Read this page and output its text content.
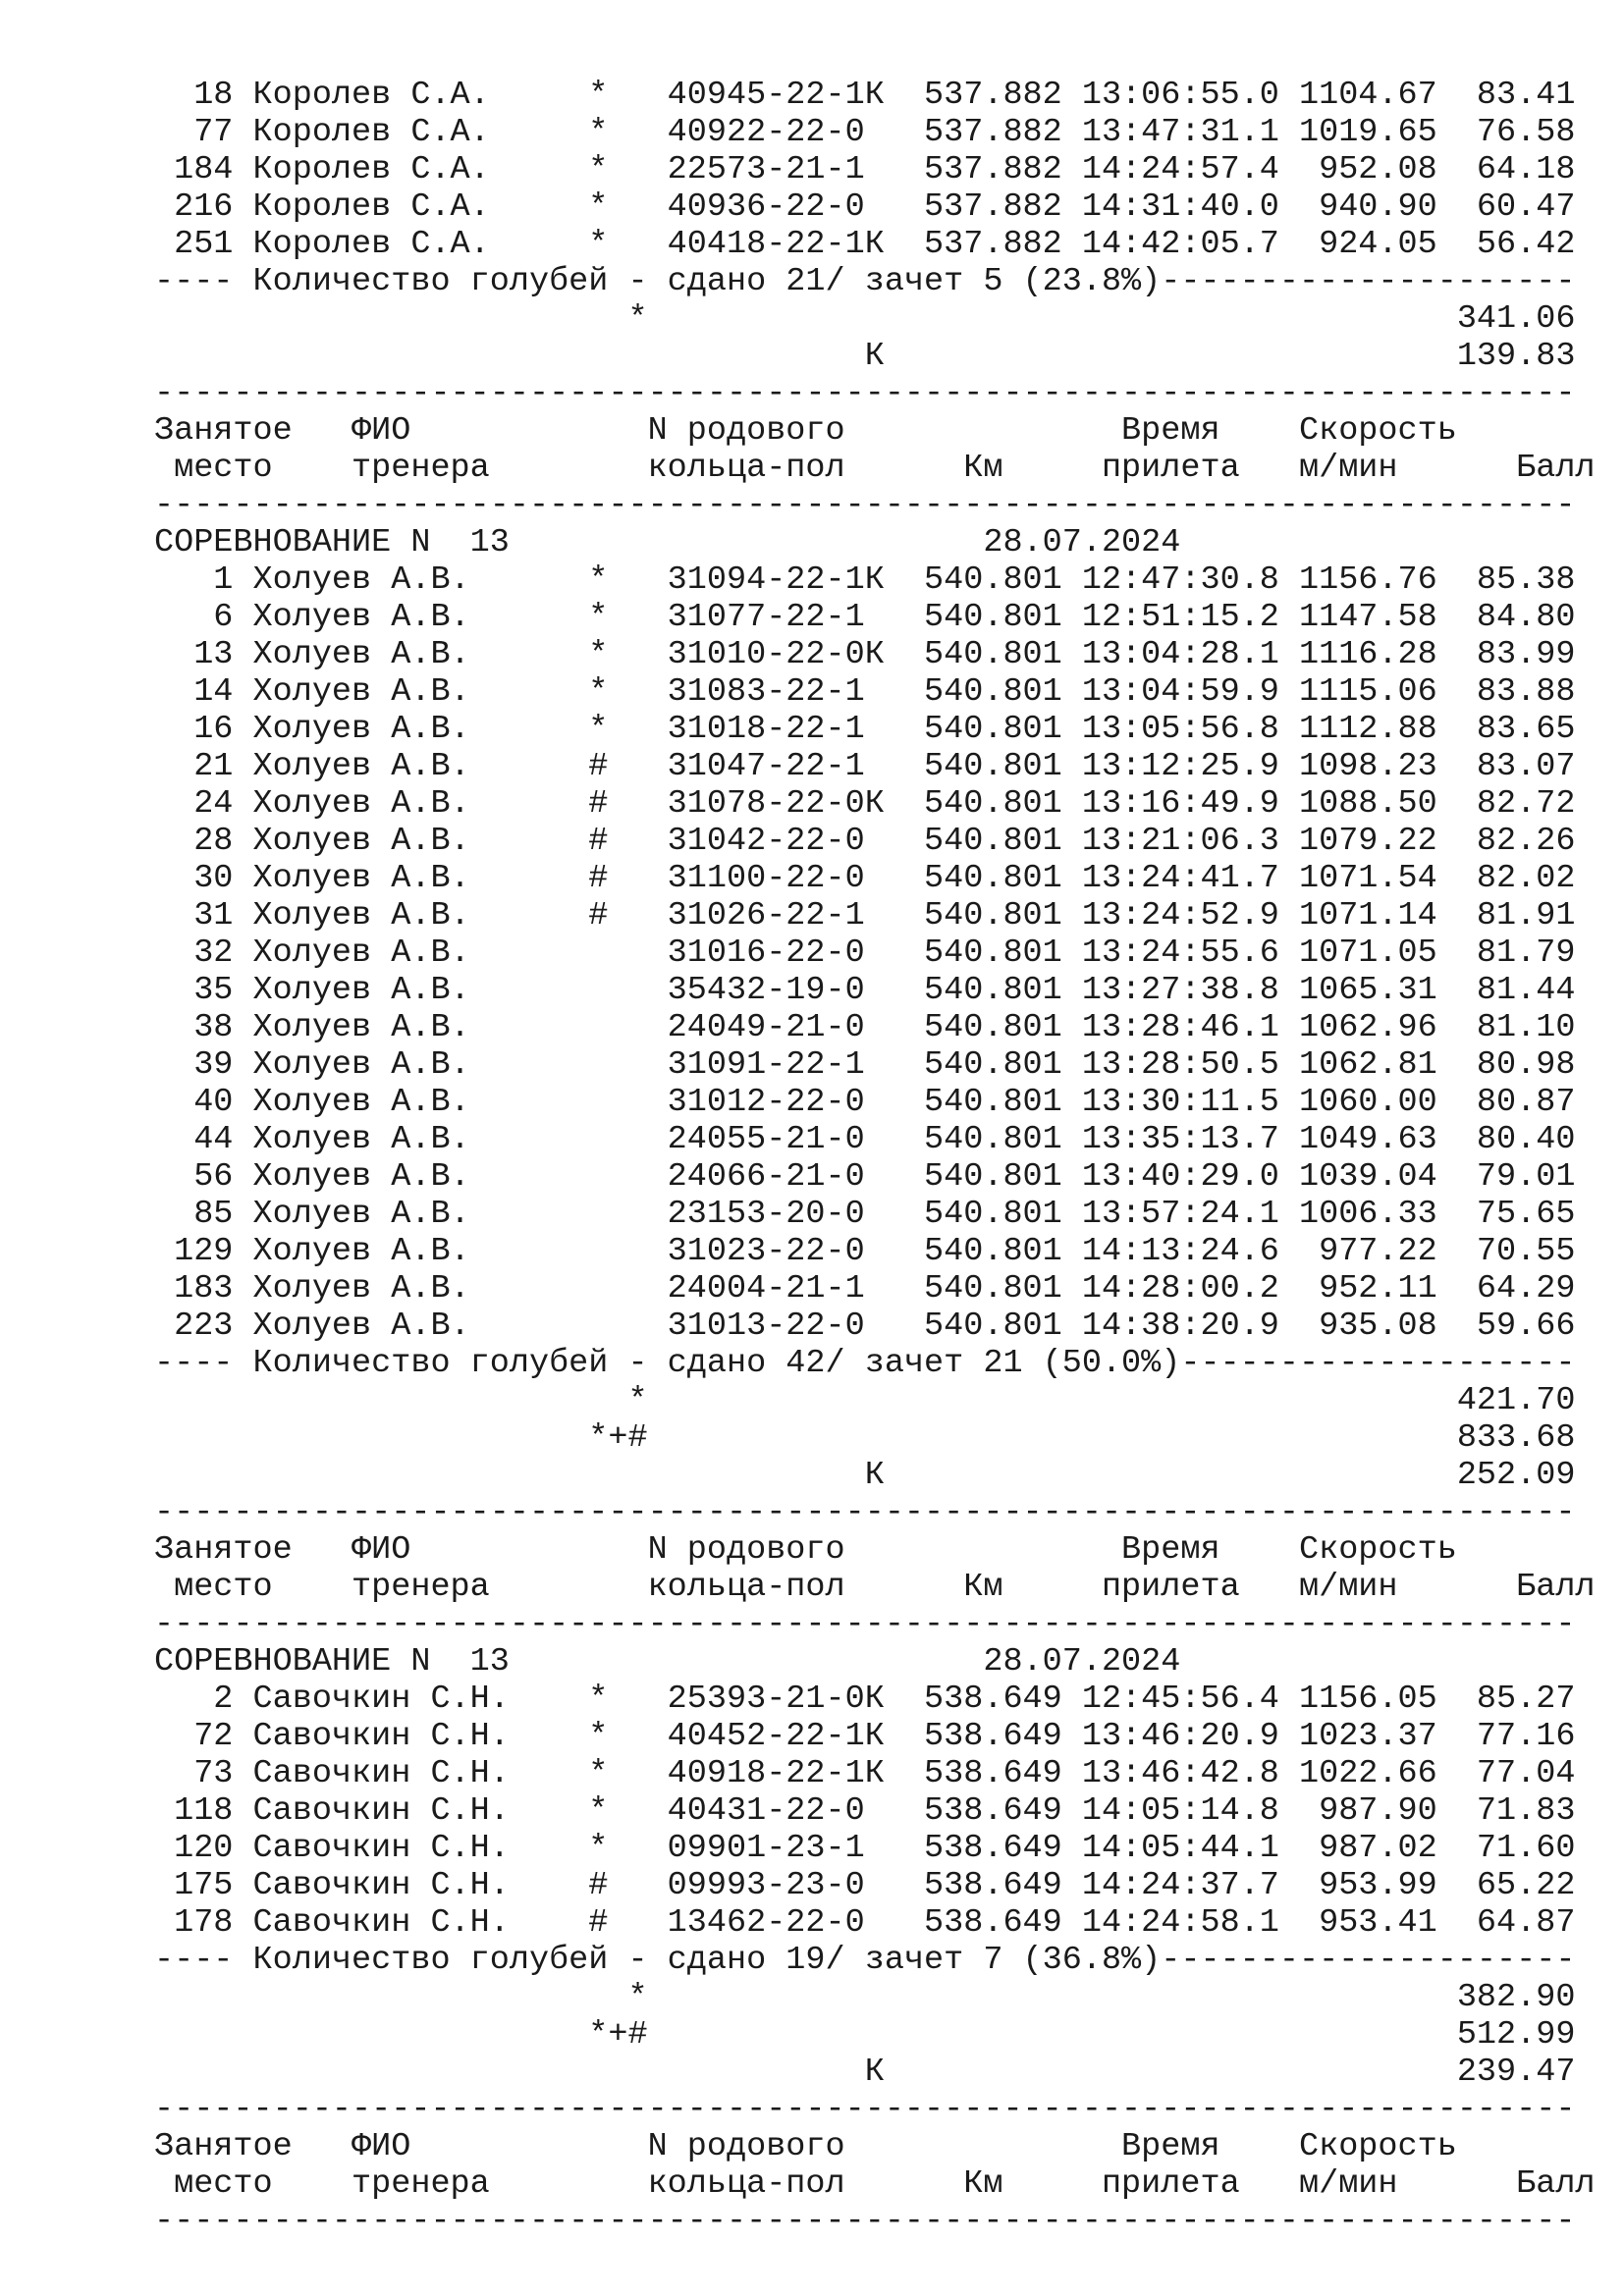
18 Королев С.А.     *   40945-22-1К  537.882 13:06:55.0 1104.67  83.41
77 Королев С.А.     *   40922-22-0   537.882 13:47:31.1 1019.65  76.58
184 Королев С.А.     *   22573-21-1   537.882 14:24:57.4  952.08  64.18
216 Королев С.А.     *   40936-22-0   537.882 14:31:40.0  940.90  60.47
251 Королев С.А.     *   40418-22-1К  537.882 14:42:05.7  924.05  56.42
---- Количество голубей - сдано 21/ зачет 5 (23.8%)---------------------
*                                         341.06
К                             139.83
------------------------------------------------------------------------
Занятое   ФИО            N родового              Время    Скорость
место    тренера        кольца-пол      Км     прилета   м/мин      Балл
------------------------------------------------------------------------
СОРЕВНОВАНИЕ N  13                        28.07.2024
1 Холуев А.В.      *   31094-22-1К  540.801 12:47:30.8 1156.76  85.38
6 Холуев А.В.      *   31077-22-1   540.801 12:51:15.2 1147.58  84.80
13 Холуев А.В.      *   31010-22-0К  540.801 13:04:28.1 1116.28  83.99
14 Холуев А.В.      *   31083-22-1   540.801 13:04:59.9 1115.06  83.88
16 Холуев А.В.      *   31018-22-1   540.801 13:05:56.8 1112.88  83.65
21 Холуев А.В.      #   31047-22-1   540.801 13:12:25.9 1098.23  83.07
24 Холуев А.В.      #   31078-22-0К  540.801 13:16:49.9 1088.50  82.72
28 Холуев А.В.      #   31042-22-0   540.801 13:21:06.3 1079.22  82.26
30 Холуев А.В.      #   31100-22-0   540.801 13:24:41.7 1071.54  82.02
31 Холуев А.В.      #   31026-22-1   540.801 13:24:52.9 1071.14  81.91
32 Холуев А.В.          31016-22-0   540.801 13:24:55.6 1071.05  81.79
35 Холуев А.В.          35432-19-0   540.801 13:27:38.8 1065.31  81.44
38 Холуев А.В.          24049-21-0   540.801 13:28:46.1 1062.96  81.10
39 Холуев А.В.          31091-22-1   540.801 13:28:50.5 1062.81  80.98
40 Холуев А.В.          31012-22-0   540.801 13:30:11.5 1060.00  80.87
44 Холуев А.В.          24055-21-0   540.801 13:35:13.7 1049.63  80.40
56 Холуев А.В.          24066-21-0   540.801 13:40:29.0 1039.04  79.01
85 Холуев А.В.          23153-20-0   540.801 13:57:24.1 1006.33  75.65
129 Холуев А.В.          31023-22-0   540.801 14:13:24.6  977.22  70.55
183 Холуев А.В.          24004-21-1   540.801 14:28:00.2  952.11  64.29
223 Холуев А.В.          31013-22-0   540.801 14:38:20.9  935.08  59.66
---- Количество голубей - сдано 42/ зачет 21 (50.0%)--------------------
*                                         421.70
*+#                                         833.68
К                             252.09
------------------------------------------------------------------------
Занятое   ФИО            N родового              Время    Скорость
место    тренера        кольца-пол      Км     прилета   м/мин      Балл
------------------------------------------------------------------------
СОРЕВНОВАНИЕ N  13                        28.07.2024
2 Савочкин С.Н.    *   25393-21-0К  538.649 12:45:56.4 1156.05  85.27
72 Савочкин С.Н.    *   40452-22-1К  538.649 13:46:20.9 1023.37  77.16
73 Савочкин С.Н.    *   40918-22-1К  538.649 13:46:42.8 1022.66  77.04
118 Савочкин С.Н.    *   40431-22-0   538.649 14:05:14.8  987.90  71.83
120 Савочкин С.Н.    *   09901-23-1   538.649 14:05:44.1  987.02  71.60
175 Савочкин С.Н.    #   09993-23-0   538.649 14:24:37.7  953.99  65.22
178 Савочкин С.Н.    #   13462-22-0   538.649 14:24:58.1  953.41  64.87
---- Количество голубей - сдано 19/ зачет 7 (36.8%)---------------------
*                                         382.90
*+#                                         512.99
К                             239.47
------------------------------------------------------------------------
Занятое   ФИО            N родового              Время    Скорость
место    тренера        кольца-пол      Км     прилета   м/мин      Балл
------------------------------------------------------------------------
